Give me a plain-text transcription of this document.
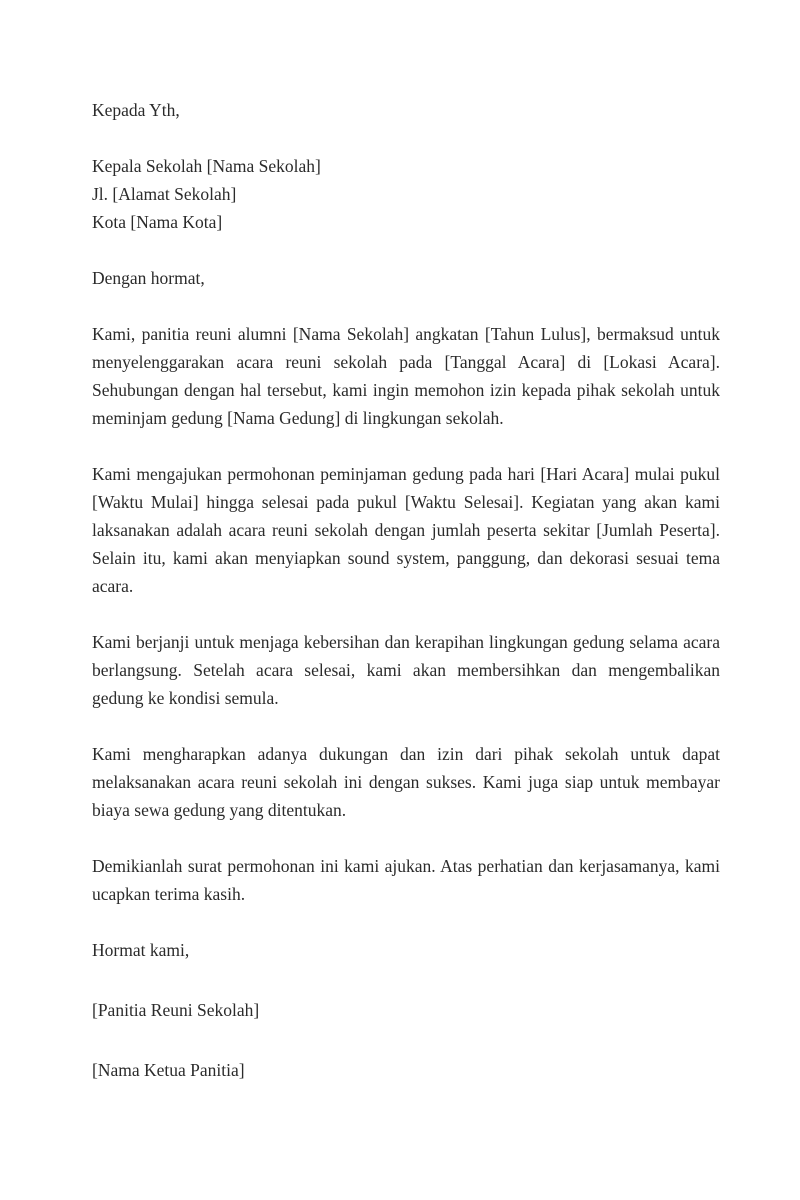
Kepada Yth,

Kepala Sekolah [Nama Sekolah]
Jl. [Alamat Sekolah]
Kota [Nama Kota]

Dengan hormat,

Kami, panitia reuni alumni [Nama Sekolah] angkatan [Tahun Lulus], bermaksud untuk menyelenggarakan acara reuni sekolah pada [Tanggal Acara] di [Lokasi Acara]. Sehubungan dengan hal tersebut, kami ingin memohon izin kepada pihak sekolah untuk meminjam gedung [Nama Gedung] di lingkungan sekolah.

Kami mengajukan permohonan peminjaman gedung pada hari [Hari Acara] mulai pukul [Waktu Mulai] hingga selesai pada pukul [Waktu Selesai]. Kegiatan yang akan kami laksanakan adalah acara reuni sekolah dengan jumlah peserta sekitar [Jumlah Peserta]. Selain itu, kami akan menyiapkan sound system, panggung, dan dekorasi sesuai tema acara.

Kami berjanji untuk menjaga kebersihan dan kerapihan lingkungan gedung selama acara berlangsung. Setelah acara selesai, kami akan membersihkan dan mengembalikan gedung ke kondisi semula.

Kami mengharapkan adanya dukungan dan izin dari pihak sekolah untuk dapat melaksanakan acara reuni sekolah ini dengan sukses. Kami juga siap untuk membayar biaya sewa gedung yang ditentukan.

Demikianlah surat permohonan ini kami ajukan. Atas perhatian dan kerjasamanya, kami ucapkan terima kasih.

Hormat kami,

[Panitia Reuni Sekolah]

[Nama Ketua Panitia]
